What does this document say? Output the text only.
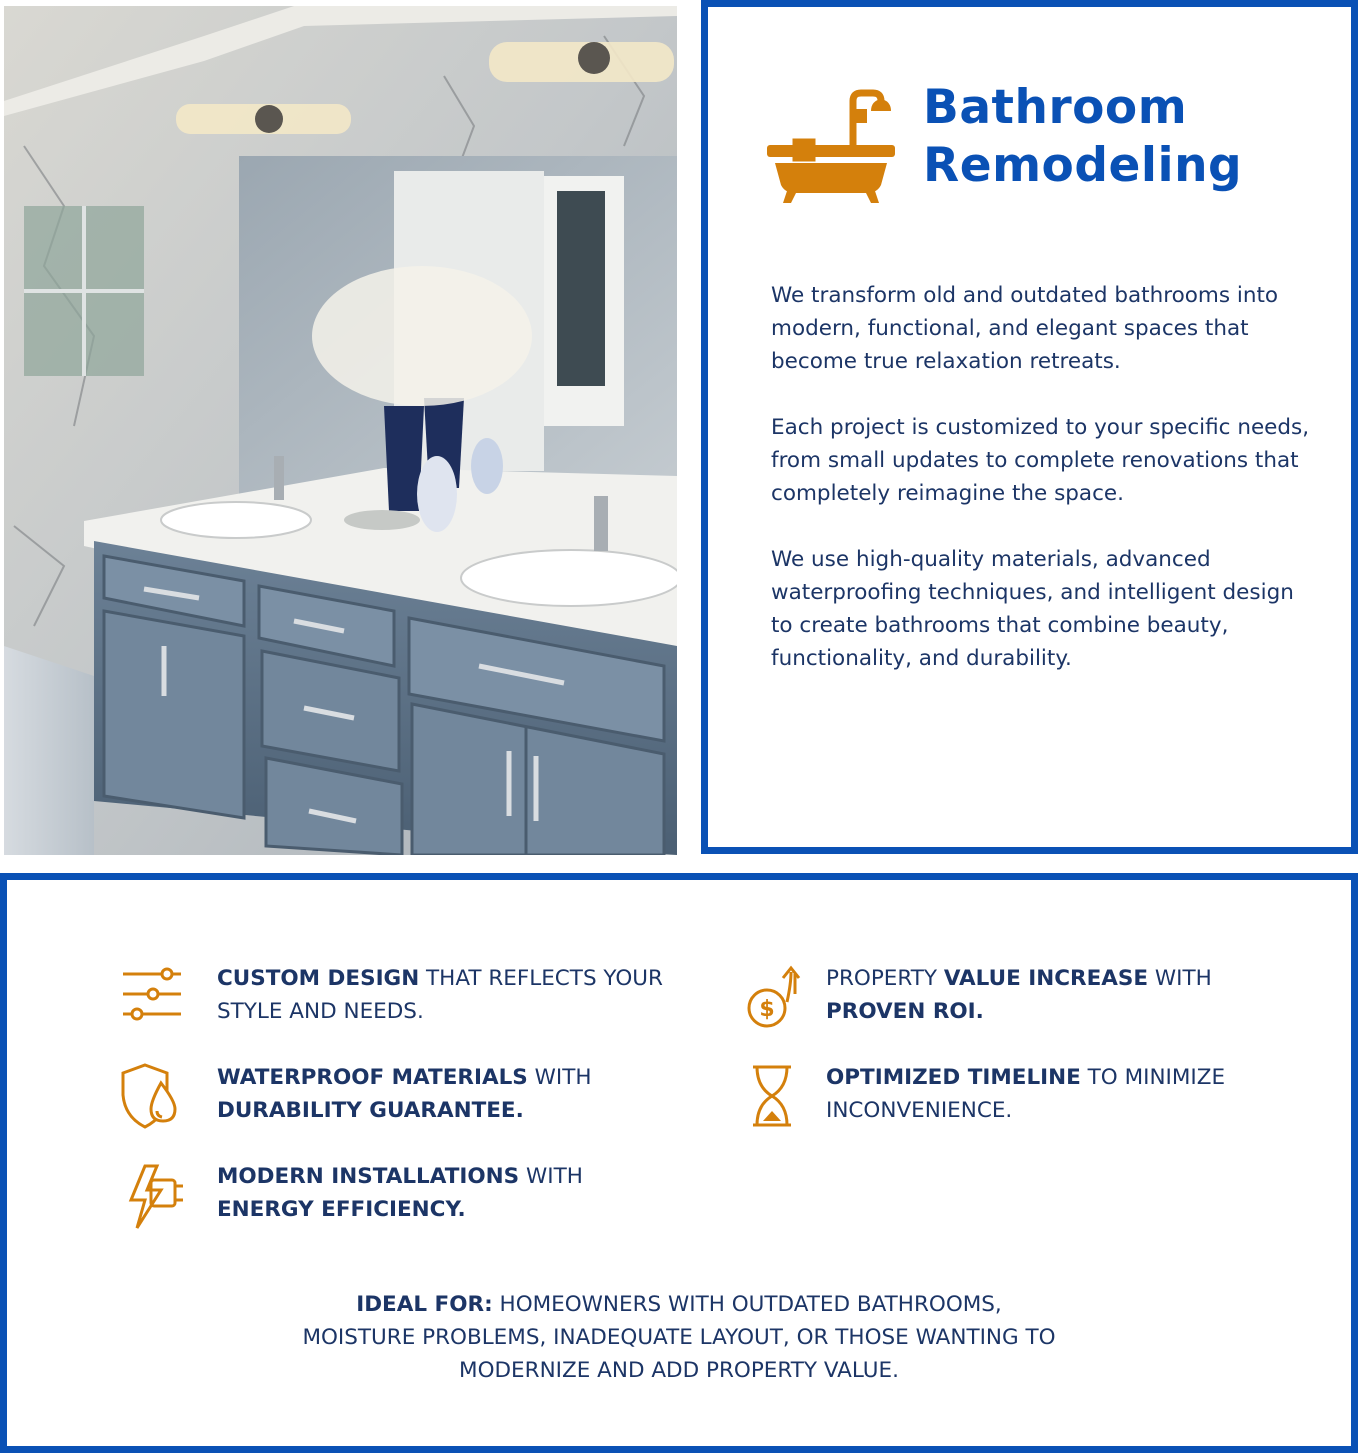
Bathroom
Remodeling

We transform old and outdated bathrooms into modern, functional, and elegant spaces that become true relaxation retreats.

Each project is customized to your specific needs, from small updates to complete renovations that completely reimagine the space.

We use high-quality materials, advanced waterproofing techniques, and intelligent design to create bathrooms that combine beauty, functionality, and durability.

CUSTOM DESIGN THAT REFLECTS YOUR STYLE AND NEEDS.
WATERPROOF MATERIALS WITH DURABILITY GUARANTEE.
MODERN INSTALLATIONS WITH ENERGY EFFICIENCY.
$
PROPERTY VALUE INCREASE WITH PROVEN ROI.
OPTIMIZED TIMELINE TO MINIMIZE INCONVENIENCE.
IDEAL FOR: HOMEOWNERS WITH OUTDATED BATHROOMS,
MOISTURE PROBLEMS, INADEQUATE LAYOUT, OR THOSE WANTING TO
MODERNIZE AND ADD PROPERTY VALUE.
